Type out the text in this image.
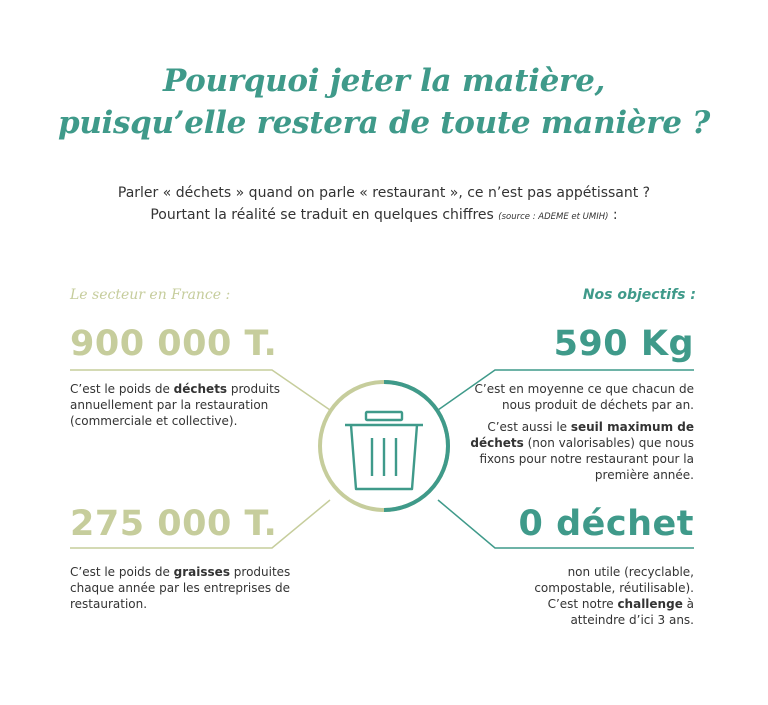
Pourquoi jeter la matière,
puisqu’elle restera de toute manière ?
Parler « déchets » quand on parle « restaurant », ce n’est pas appétissant ?
Pourtant la réalité se traduit en quelques chiffres (source : ADEME et UMIH) :
Le secteur en France :	Nos objectifs :
900 000 T.
C’est le poids de déchets produits annuellement par la restauration (commerciale et collective).
275 000 T.
C’est le poids de graisses produites chaque année par les entreprises de restauration.
590 Kg
C’est en moyenne ce que chacun de nous produit de déchets par an.
C’est aussi le seuil maximum de déchets (non valorisables) que nous fixons pour notre restaurant pour la première année.
0 déchet
non utile (recyclable, compostable, réutilisable). C’est notre challenge à atteindre d’ici 3 ans.
